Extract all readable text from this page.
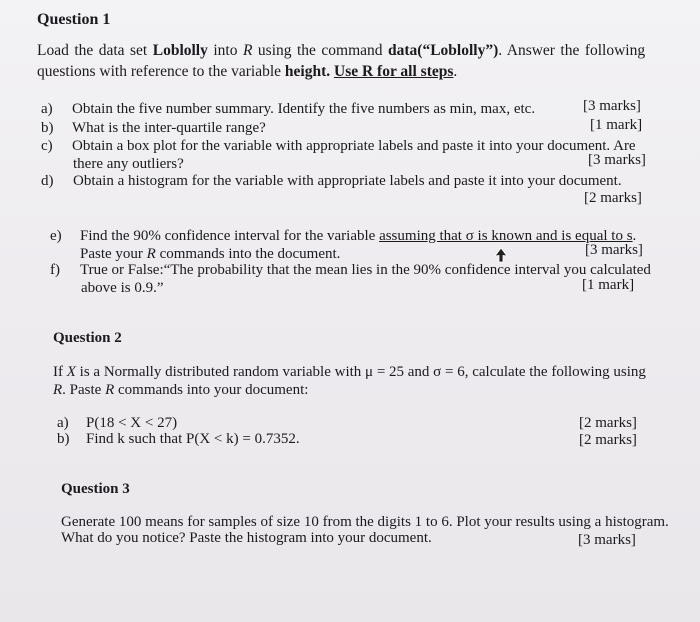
Question 1
Load the data set Loblolly into R using the command data(“Loblolly”). Answer the following
questions with reference to the variable height. Use R for all steps.
a) Obtain the five number summary. Identify the five numbers as min, max, etc.	[3 marks]
b) What is the inter-quartile range?	[1 mark]
c) Obtain a box plot for the variable with appropriate labels and paste it into your document. Are
there any outliers?	[3 marks]
d) Obtain a histogram for the variable with appropriate labels and paste it into your document.
[2 marks]
e) Find the 90% confidence interval for the variable assuming that σ is known and is equal to s.
Paste your R commands into the document.	[3 marks]
f) True or False:“The probability that the mean lies in the 90% confidence interval you calculated
above is 0.9.”	[1 mark]
Question 2
If X is a Normally distributed random variable with μ = 25 and σ = 6, calculate the following using
R. Paste R commands into your document:
a) P(18 < X < 27)	[2 marks]
b) Find k such that P(X < k) = 0.7352.	[2 marks]
Question 3
Generate 100 means for samples of size 10 from the digits 1 to 6. Plot your results using a histogram.
What do you notice? Paste the histogram into your document.	[3 marks]
